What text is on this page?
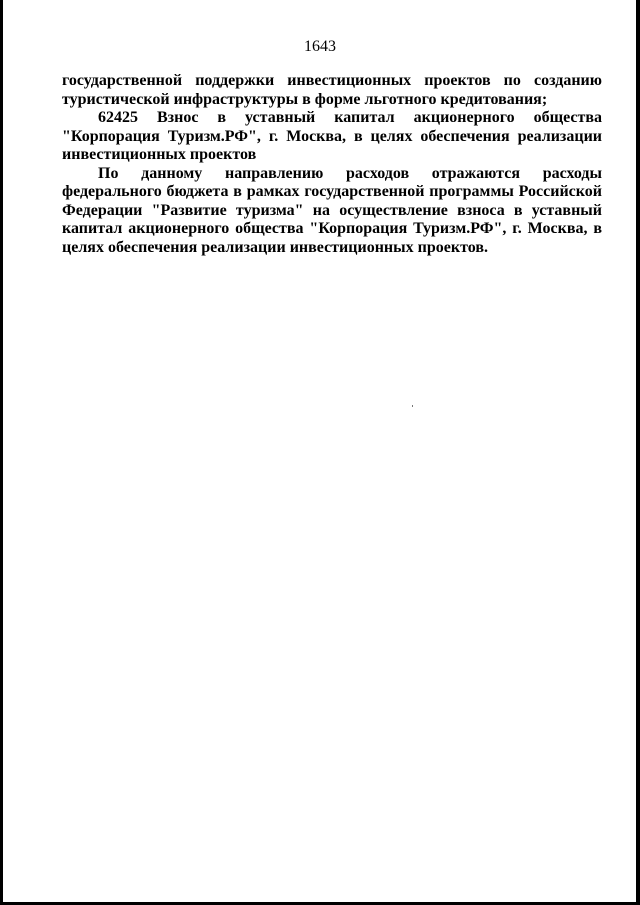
1643

государственной поддержки инвестиционных проектов по созданию туристической инфраструктуры в форме льготного кредитования;

62425 Взнос в уставный капитал акционерного общества "Корпорация Туризм.РФ", г. Москва, в целях обеспечения реализации инвестиционных проектов

По данному направлению расходов отражаются расходы федерального бюджета в рамках государственной программы Российской Федерации "Развитие туризма" на осуществление взноса в уставный капитал акционерного общества "Корпорация Туризм.РФ", г. Москва, в целях обеспечения реализации инвестиционных проектов.
